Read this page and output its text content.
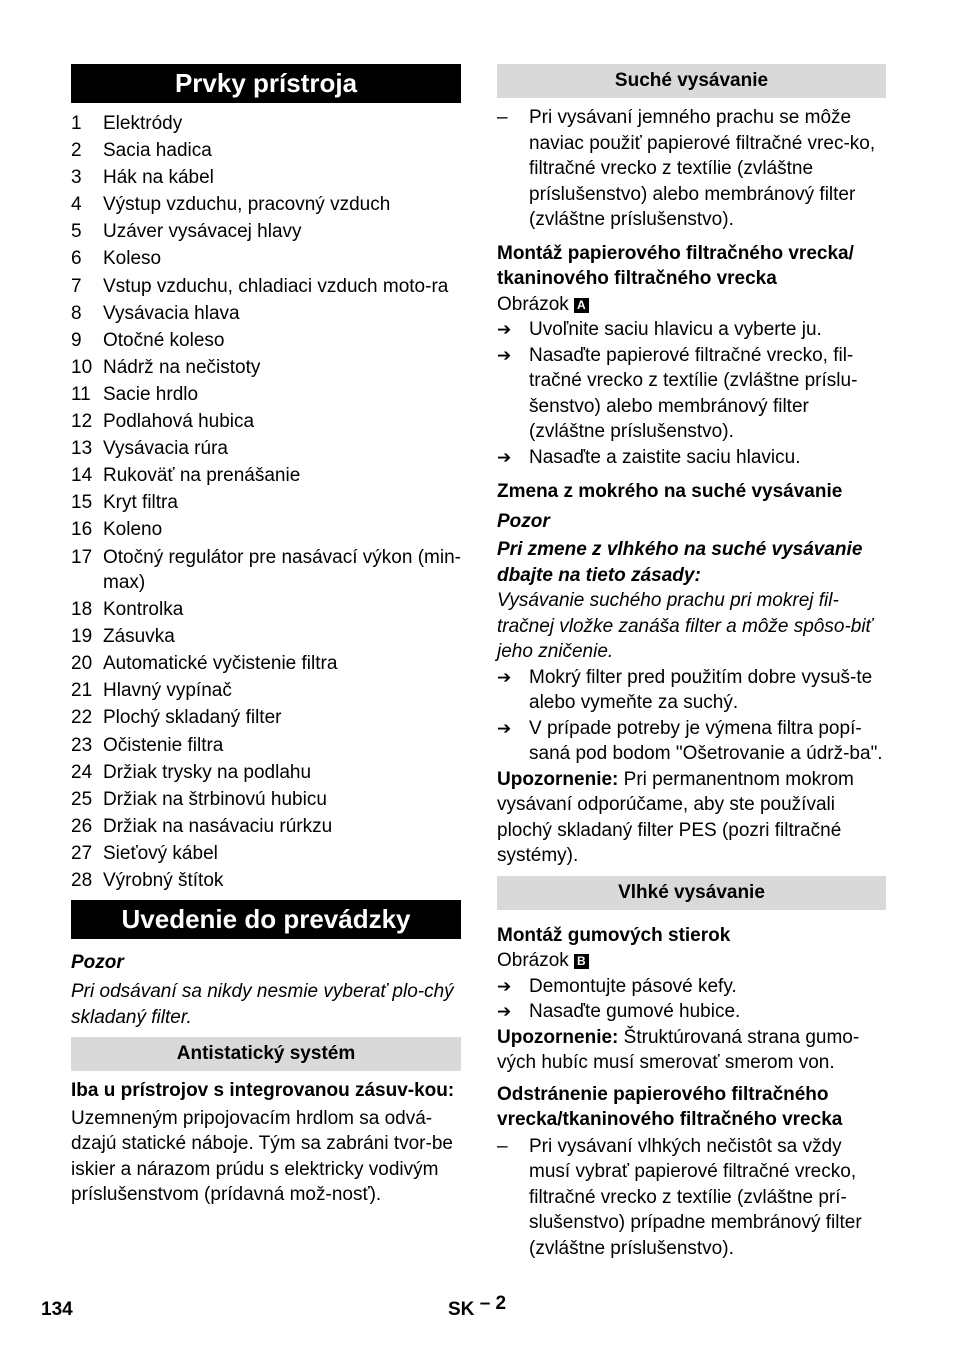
Prvky prístroja
1	Elektródy
2	Sacia hadica
3	Hák na kábel
4	Výstup vzduchu, pracovný vzduch
5	Uzáver vysávacej hlavy
6	Koleso
7	Vstup vzduchu, chladiaci vzduch moto-ra
8	Vysávacia hlava
9	Otočné koleso
10 Nádrž na nečistoty
11 Sacie hrdlo
12 Podlahová hubica
13 Vysávacia rúra
14 Rukoväť na prenášanie
15 Kryt filtra
16 Koleno
17 Otočný regulátor pre nasávací výkon (min-max)
18 Kontrolka
19 Zásuvka
20 Automatické vyčistenie filtra
21 Hlavný vypínač
22 Plochý skladaný filter
23 Očistenie filtra
24 Držiak trysky na podlahu
25 Držiak na štrbinovú hubicu
26 Držiak na nasávaciu rúrkzu
27 Sieťový kábel
28 Výrobný štítok
Uvedenie do prevádzky
Pozor
Pri odsávaní sa nikdy nesmie vyberať plo-chý skladaný filter.
Antistatický systém
Iba u prístrojov s integrovanou zásuv-kou:
Uzemneným pripojovacím hrdlom sa odvá-dzajú statické náboje. Tým sa zabráni tvor-be iskier a nárazom prúdu s elektricky vodivým príslušenstvom (prídavná mož-nosť).
Suché vysávanie
–	Pri vysávaní jemného prachu se môže naviac použiť papierové filtračné vrec-ko, filtračné vrecko z textílie (zvláštne príslušenstvo) alebo membránový filter (zvláštne príslušenstvo).
Montáž papierového filtračného vrecka/ tkaninového filtračného vrecka
Obrázok A
➔ Uvoľnite saciu hlavicu a vyberte ju.
➔ Nasaďte papierové filtračné vrecko, fil-tračné vrecko z textílie (zvláštne príslu-šenstvo) alebo membránový filter (zvláštne príslušenstvo).
➔ Nasaďte a zaistite saciu hlavicu.
Zmena z mokrého na suché vysávanie
Pozor
Pri zmene z vlhkého na suché vysávanie dbajte na tieto zásady:
Vysávanie suchého prachu pri mokrej fil-tračnej vložke zanáša filter a môže spôso-biť jeho zničenie.
➔ Mokrý filter pred použitím dobre vysuš-te alebo vymeňte za suchý.
➔ V prípade potreby je výmena filtra popí-saná pod bodom "Ošetrovanie a údrž-ba".
Upozornenie: Pri permanentnom mokrom vysávaní odporúčame, aby ste používali plochý skladaný filter PES (pozri filtračné systémy).
Vlhké vysávanie
Montáž gumových stierok
Obrázok B
➔ Demontujte pásové kefy.
➔ Nasaďte gumové hubice.
Upozornenie: Štruktúrovaná strana gumo-vých hubíc musí smerovať smerom von.
Odstránenie papierového filtračného vrecka/tkaninového filtračného vrecka
–	Pri vysávaní vlhkých nečistôt sa vždy musí vybrať papierové filtračné vrecko, filtračné vrecko z textílie (zvláštne prí-slušenstvo) prípadne membránový filter (zvláštne príslušenstvo).
134	SK – 2
